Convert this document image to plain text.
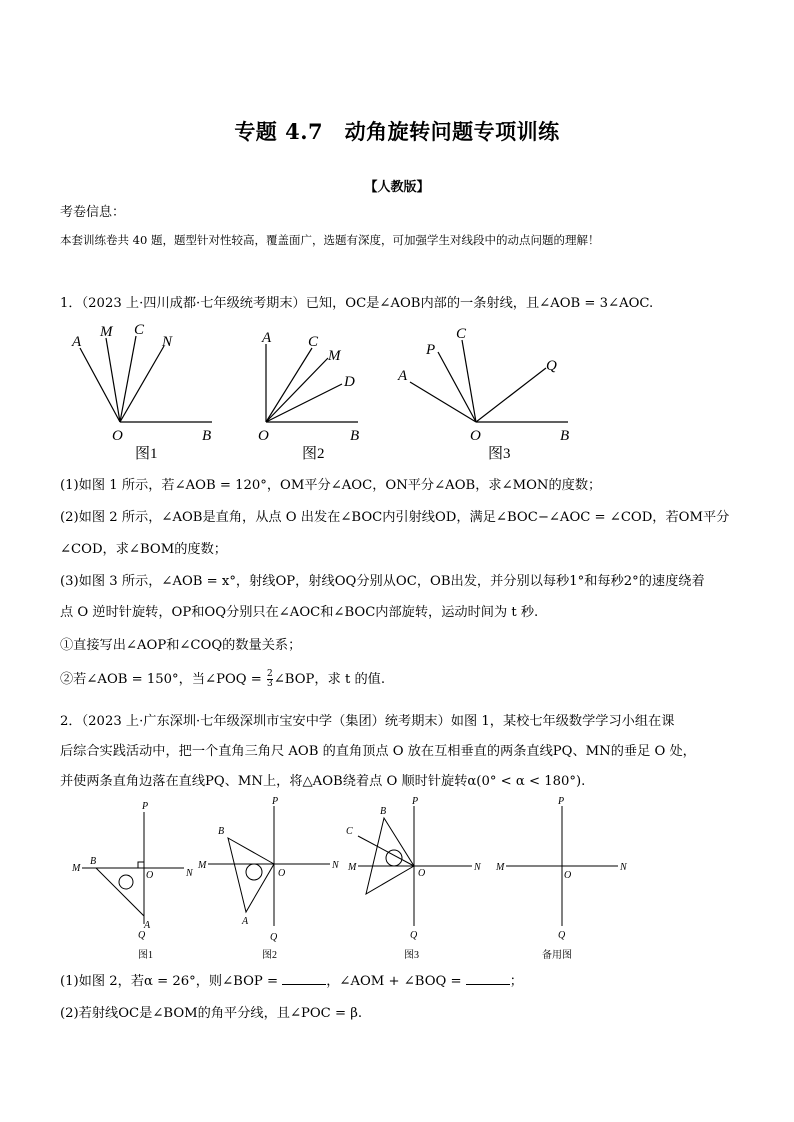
专题 4.7　动角旋转问题专项训练
【人教版】
考卷信息：
本套训练卷共 40 题，题型针对性较高，覆盖面广，选题有深度，可加强学生对线段中的动点问题的理解！
1．（2023 上·四川成都·七年级统考期末）已知，OC是∠AOB内部的一条射线，且∠AOB = 3∠AOC.
A
M C
N
O	B
图1
A C
M
D
O	B
图2
P
C
A
Q
O	B
图3
(1)如图 1 所示，若∠AOB = 120°，OM平分∠AOC，ON平分∠AOB，求∠MON的度数；
(2)如图 2 所示，∠AOB是直角，从点 O 出发在∠BOC内引射线OD，满足∠BOC−∠AOC = ∠COD，若OM平分
∠COD，求∠BOM的度数；
(3)如图 3 所示，∠AOB = x°，射线OP，射线OQ分别从OC，OB出发，并分别以每秒1°和每秒2°的速度绕着
点 O 逆时针旋转，OP和OQ分别只在∠AOC和∠BOC内部旋转，运动时间为 t 秒.
①直接写出∠AOP和∠COQ的数量关系；
②若∠AOB = 150°，当∠POQ = $\frac{2}{3}$ ∠BOP，求 t 的值.
2．（2023 上·广东深圳·七年级深圳市宝安中学（集团）统考期末）如图 1，某校七年级数学学习小组在课
后综合实践活动中，把一个直角三角尺 AOB 的直角顶点 O 放在互相垂直的两条直线PQ、MN的垂足 O 处，
并使两条直角边落在直线PQ、MN上，将△AOB绕着点 O 顺时针旋转α(0° < α < 180°).
P
M
B
O	N
A
Q
图1
P
B
M
O
N
A
Q
图2
P
B
C
M
O
N
Q
图3
P
M
O
N
Q
备用图
(1)如图 2，若α = 26°，则∠BOP =	，∠AOM + ∠BOQ =	；
(2)若射线OC是∠BOM的角平分线，且∠POC = β.
